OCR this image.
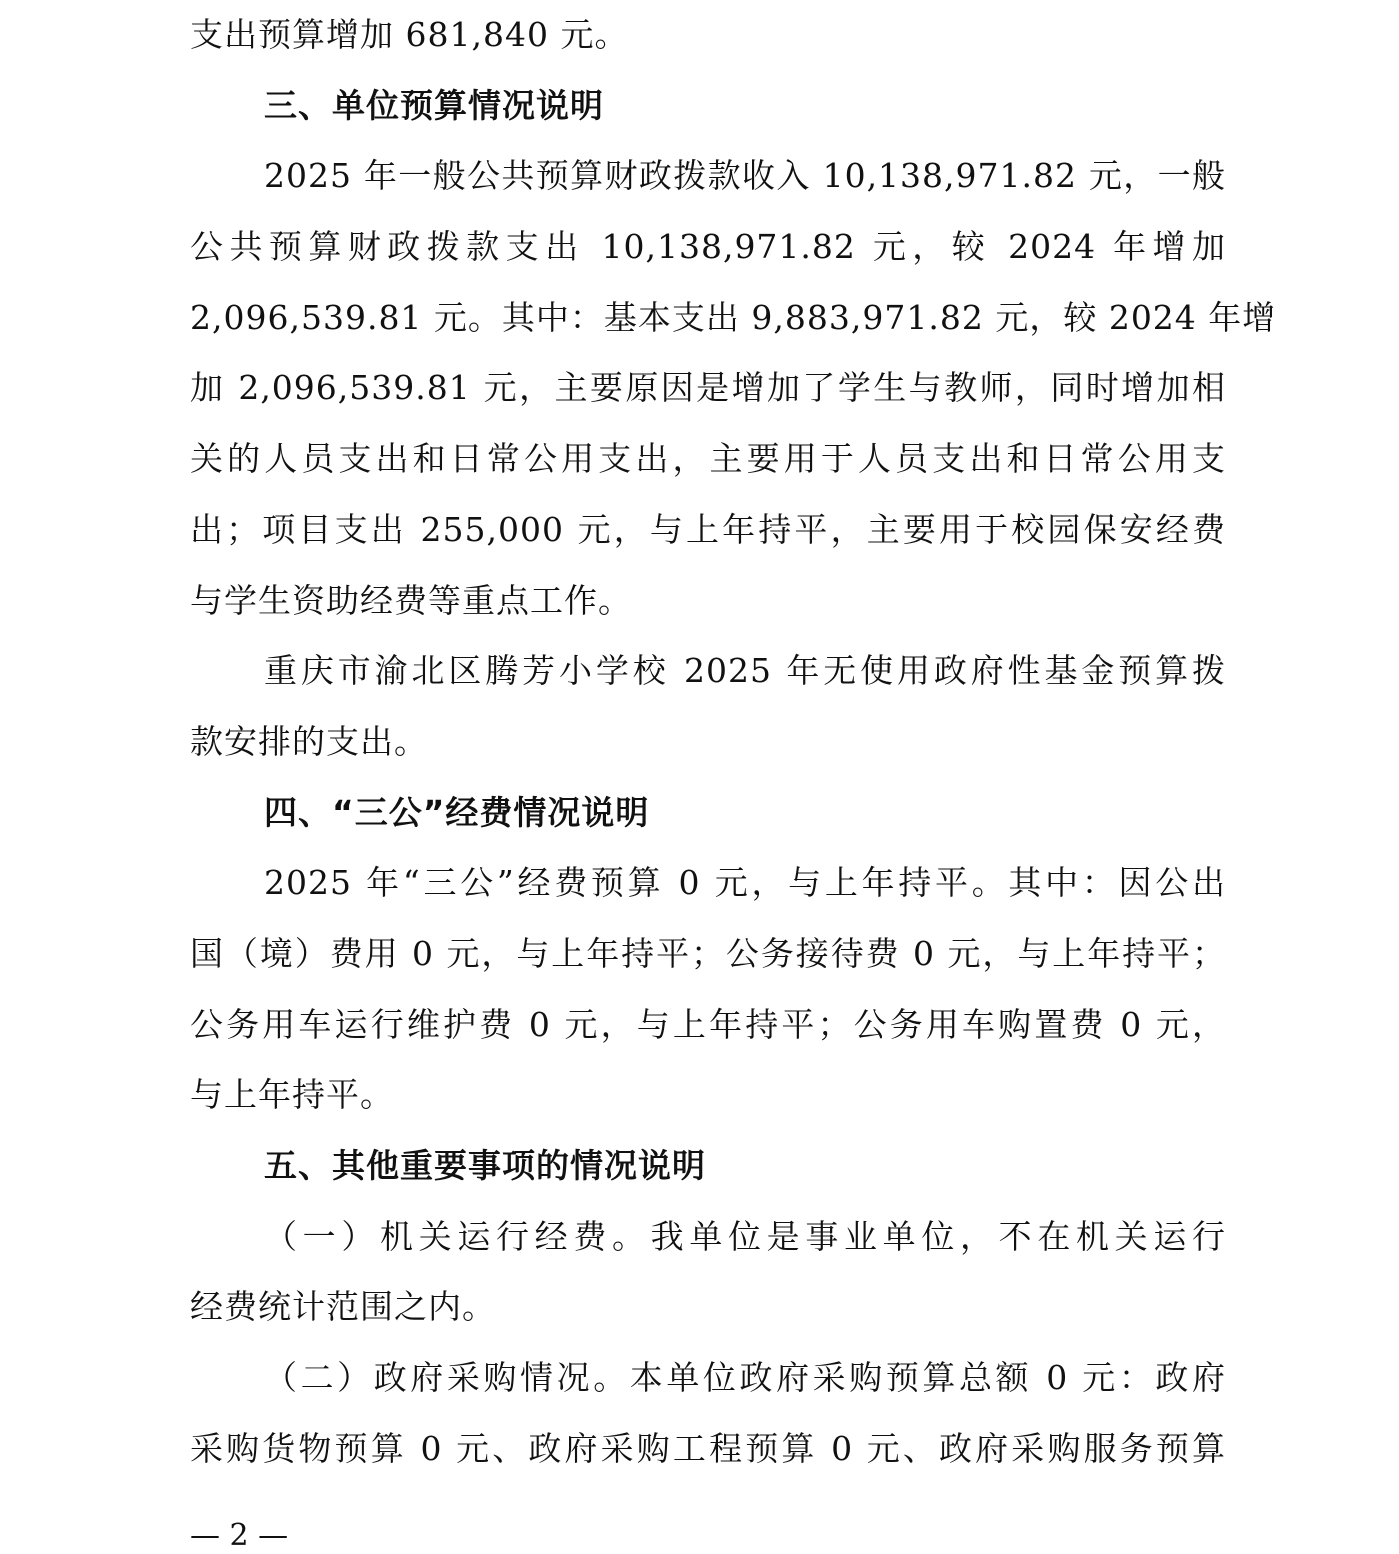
支出预算增加 681,840 元。
三、单位预算情况说明
2025 年一般公共预算财政拨款收入 10,138,971.82 元，一般
公共预算财政拨款支出 10,138,971.82 元，较 2024 年增加
2,096,539.81 元。其中：基本支出 9,883,971.82 元，较 2024 年增
加 2,096,539.81 元，主要原因是增加了学生与教师，同时增加相
关的人员支出和日常公用支出，主要用于人员支出和日常公用支
出；项目支出 255,000 元，与上年持平，主要用于校园保安经费
与学生资助经费等重点工作。
重庆市渝北区腾芳小学校 2025 年无使用政府性基金预算拨
款安排的支出。
四、“三公”经费情况说明
2025 年“三公”经费预算 0 元，与上年持平。其中：因公出
国（境）费用 0 元，与上年持平；公务接待费 0 元，与上年持平；
公务用车运行维护费 0 元，与上年持平；公务用车购置费 0 元，
与上年持平。
五、其他重要事项的情况说明
（一）机关运行经费。我单位是事业单位，不在机关运行
经费统计范围之内。
（二）政府采购情况。本单位政府采购预算总额 0 元：政府
采购货物预算 0 元、政府采购工程预算 0 元、政府采购服务预算
— 2 —
